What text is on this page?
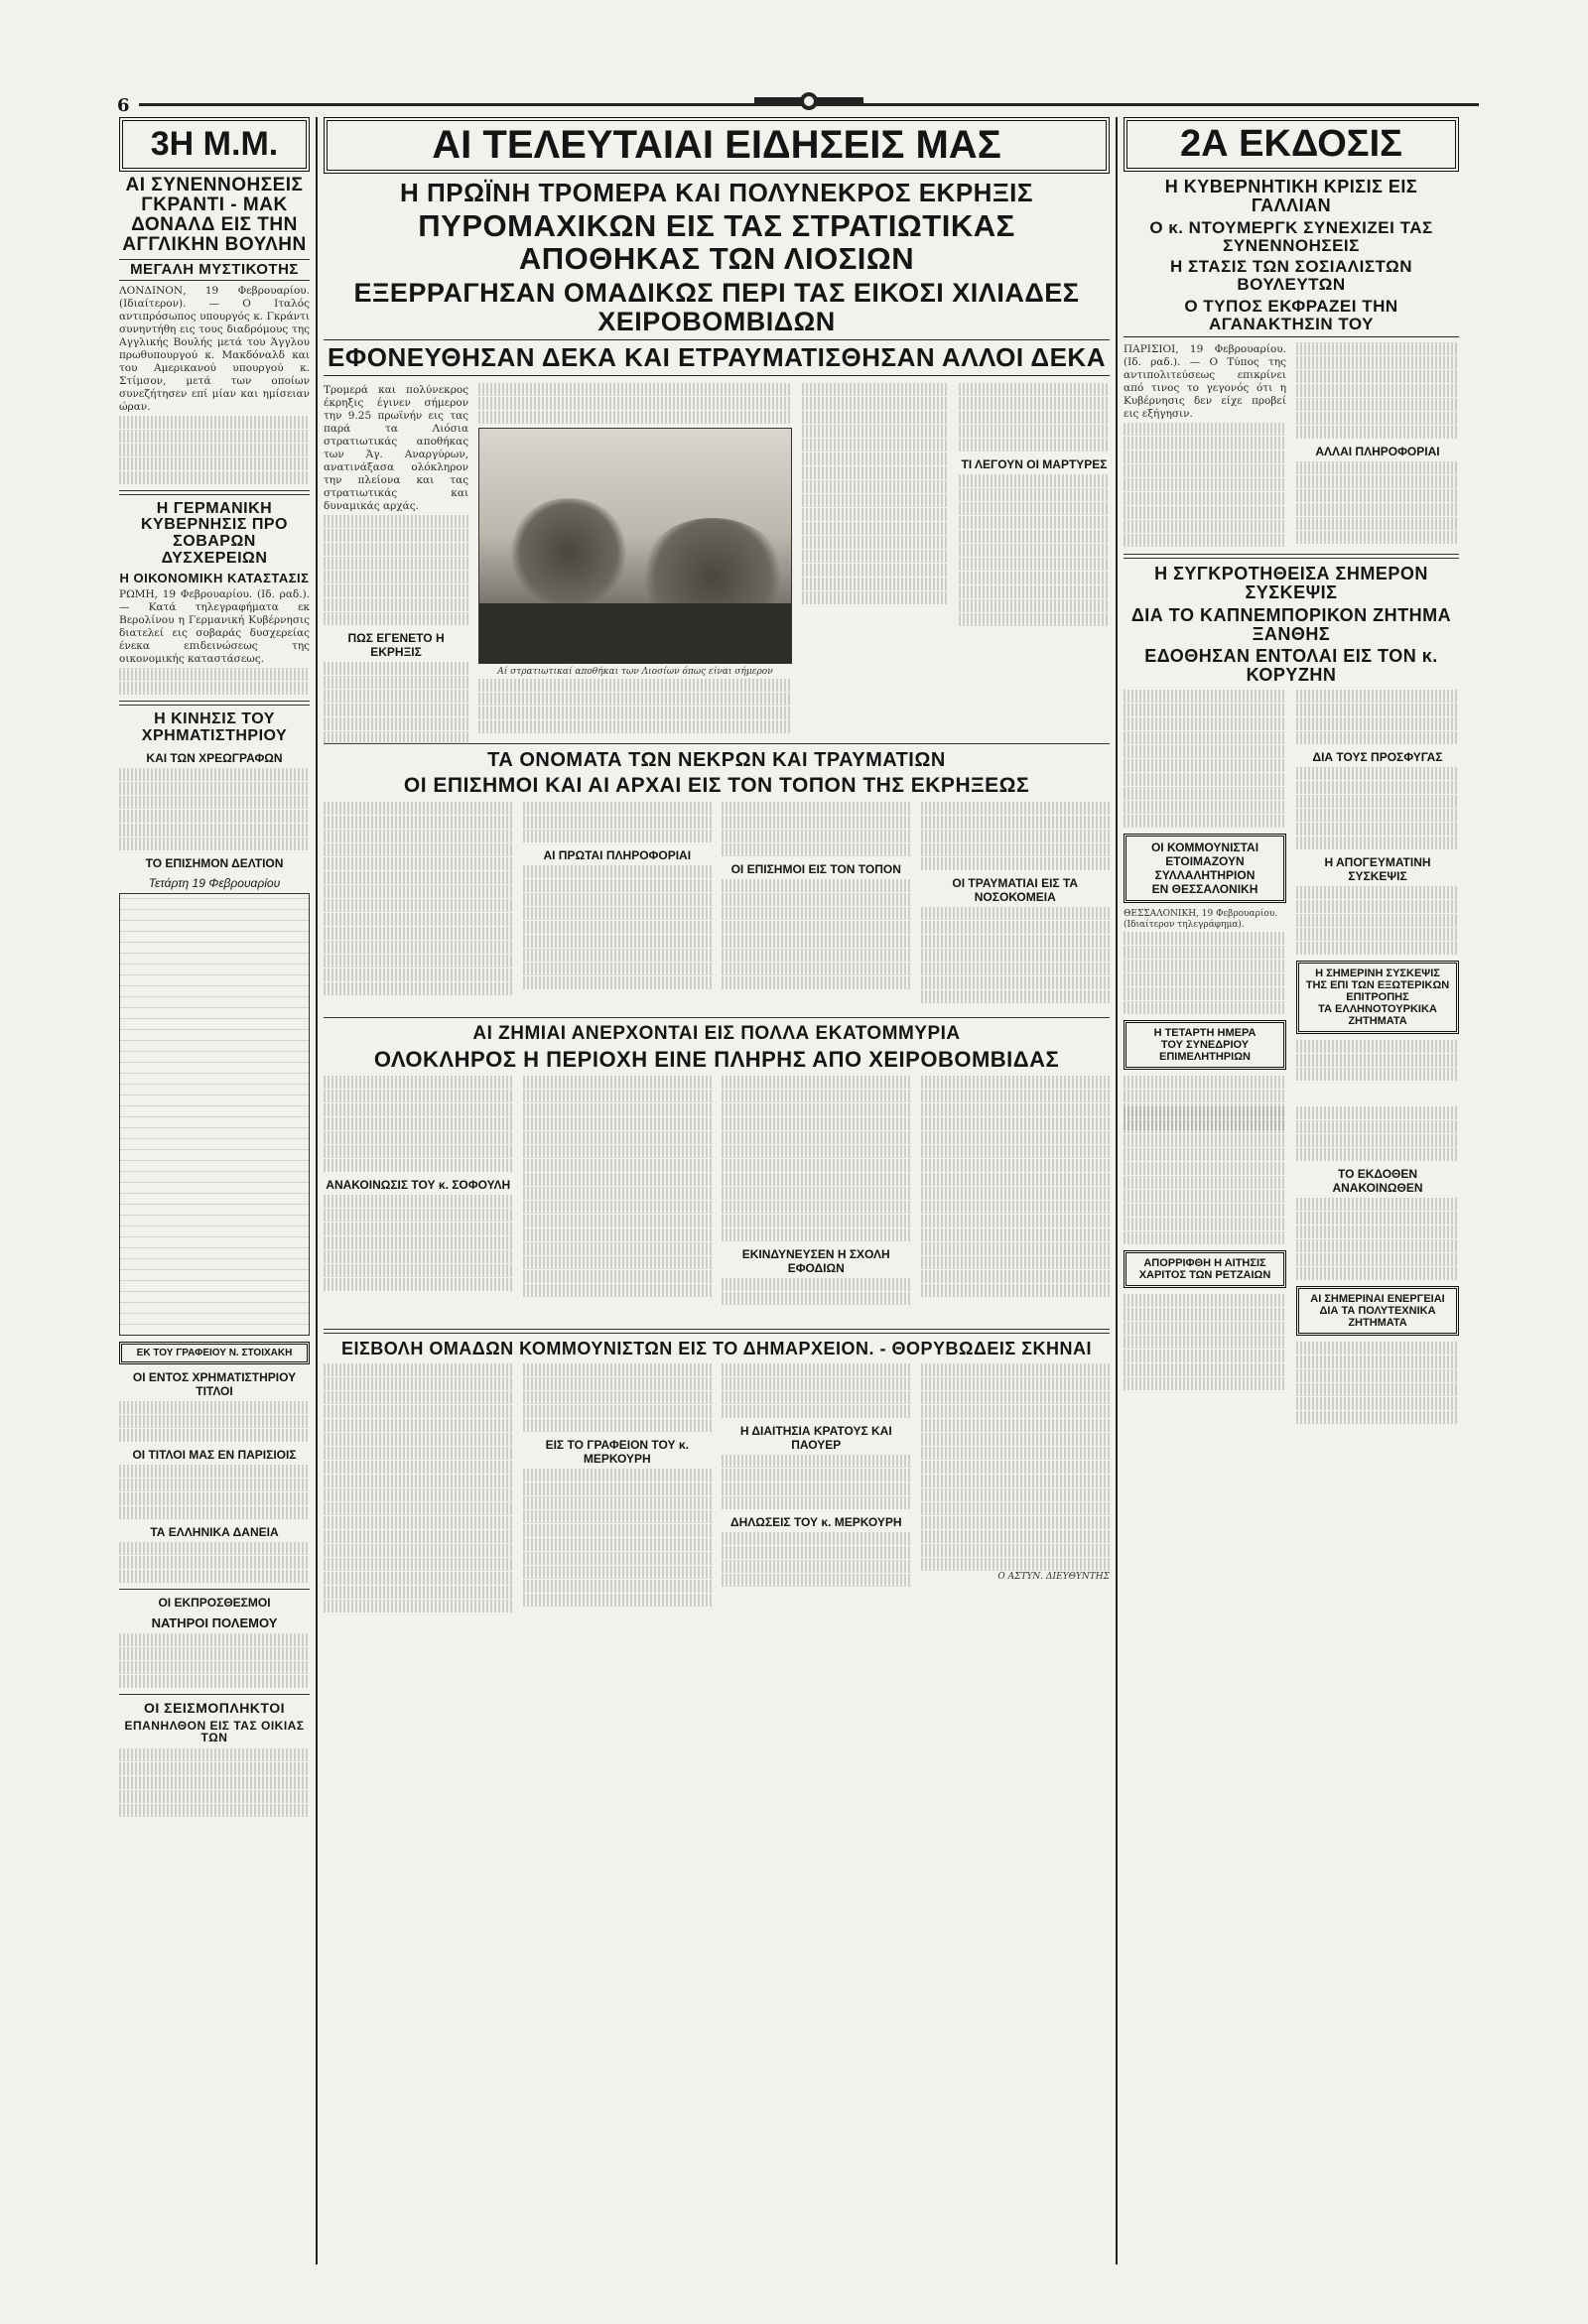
6
3Η Μ.Μ.
ΑΙ ΣΥΝΕΝΝΟΗΣΕΙΣ ΓΚΡΑΝΤΙ - ΜΑΚ ΔΟΝΑΛΔ ΕΙΣ ΤΗΝ ΑΓΓΛΙΚΗΝ ΒΟΥΛΗΝ
ΜΕΓΑΛΗ ΜΥΣΤΙΚΟΤΗΣ
ΛΟΝΔΙΝΟΝ, 19 Φεβρουαρίου. (Ιδιαίτερον). — Ο Ιταλός αντιπρόσωπος υπουργός κ. Γκράντι συνηντήθη εις τους διαδρόμους της Αγγλικής Βουλής μετά του Άγγλου πρωθυπουργού κ. Μακδόναλδ και του Αμερικανού υπουργού κ. Στίμσον, μετά των οποίων συνεζήτησεν επί μίαν και ημίσειαν ώραν.
Η ΓΕΡΜΑΝΙΚΗ ΚΥΒΕΡΝΗΣΙΣ ΠΡΟ ΣΟΒΑΡΩΝ ΔΥΣΧΕΡΕΙΩΝ
Η ΟΙΚΟΝΟΜΙΚΗ ΚΑΤΑΣΤΑΣΙΣ
ΡΩΜΗ, 19 Φεβρουαρίου. (Ιδ. ραδ.). — Κατά τηλεγραφήματα εκ Βερολίνου η Γερμανική Κυβέρνησις διατελεί εις σοβαράς δυσχερείας ένεκα επιδεινώσεως της οικονομικής καταστάσεως.
Η ΚΙΝΗΣΙΣ ΤΟΥ ΧΡΗΜΑΤΙΣΤΗΡΙΟΥ
ΚΑΙ ΤΩΝ ΧΡΕΩΓΡΑΦΩΝ
ΤΟ ΕΠΙΣΗΜΟΝ ΔΕΛΤΙΟΝ
Τετάρτη 19 Φεβρουαρίου
ΕΚ ΤΟΥ ΓΡΑΦΕΙΟΥ Ν. ΣΤΟΙΧΑΚΗ
ΟΙ ΕΝΤΟΣ ΧΡΗΜΑΤΙΣΤΗΡΙΟΥ ΤΙΤΛΟΙ
ΟΙ ΤΙΤΛΟΙ ΜΑΣ ΕΝ ΠΑΡΙΣΙΟΙΣ
ΤΑ ΕΛΛΗΝΙΚΑ ΔΑΝΕΙΑ
ΟΙ ΕΚΠΡΟΣΘΕΣΜΟΙ
ΝΑΤΗΡΟΙ ΠΟΛΕΜΟΥ
ΟΙ ΣΕΙΣΜΟΠΛΗΚΤΟΙ
ΕΠΑΝΗΛΘΟΝ ΕΙΣ ΤΑΣ ΟΙΚΙΑΣ ΤΩΝ
ΑΙ ΤΕΛΕΥΤΑΙΑΙ ΕΙΔΗΣΕΙΣ ΜΑΣ
Η ΠΡΩΪΝΗ ΤΡΟΜΕΡΑ ΚΑΙ ΠΟΛΥΝΕΚΡΟΣ ΕΚΡΗΞΙΣ
ΠΥΡΟΜΑΧΙΚΩΝ ΕΙΣ ΤΑΣ ΣΤΡΑΤΙΩΤΙΚΑΣ ΑΠΟΘΗΚΑΣ ΤΩΝ ΛΙΟΣΙΩΝ
ΕΞΕΡΡΑΓΗΣΑΝ ΟΜΑΔΙΚΩΣ ΠΕΡΙ ΤΑΣ ΕΙΚΟΣΙ ΧΙΛΙΑΔΕΣ ΧΕΙΡΟΒΟΜΒΙΔΩΝ
ΕΦΟΝΕΥΘΗΣΑΝ ΔΕΚΑ ΚΑΙ ΕΤΡΑΥΜΑΤΙΣΘΗΣΑΝ ΑΛΛΟΙ ΔΕΚΑ
Τρομερά και πολύνεκρος έκρηξις έγινεν σήμερον την 9.25 πρωϊνήν εις τας παρά τα Λιόσια στρατιωτικάς αποθήκας των Άγ. Αναργύρων, ανατινάξασα ολόκληρον την πλείονα και τας στρατιωτικάς και δυναμικάς αρχάς.
ΠΩΣ ΕΓΕΝΕΤΟ Η ΕΚΡΗΞΙΣ
Αί στρατιωτικαί αποθήκαι των Λιοσίων όπως είναι σήμερον
ΤΙ ΛΕΓΟΥΝ ΟΙ ΜΑΡΤΥΡΕΣ
ΤΑ ΟΝΟΜΑΤΑ ΤΩΝ ΝΕΚΡΩΝ ΚΑΙ ΤΡΑΥΜΑΤΙΩΝ
ΟΙ ΕΠΙΣΗΜΟΙ ΚΑΙ ΑΙ ΑΡΧΑΙ ΕΙΣ ΤΟΝ ΤΟΠΟΝ ΤΗΣ ΕΚΡΗΞΕΩΣ
ΑΙ ΠΡΩΤΑΙ ΠΛΗΡΟΦΟΡΙΑΙ
ΟΙ ΕΠΙΣΗΜΟΙ ΕΙΣ ΤΟΝ ΤΟΠΟΝ
ΟΙ ΤΡΑΥΜΑΤΙΑΙ ΕΙΣ ΤΑ ΝΟΣΟΚΟΜΕΙΑ
ΑΙ ΖΗΜΙΑΙ ΑΝΕΡΧΟΝΤΑΙ ΕΙΣ ΠΟΛΛΑ ΕΚΑΤΟΜΜΥΡΙΑ
ΟΛΟΚΛΗΡΟΣ Η ΠΕΡΙΟΧΗ ΕΙΝΕ ΠΛΗΡΗΣ ΑΠΟ ΧΕΙΡΟΒΟΜΒΙΔΑΣ
ΑΝΑΚΟΙΝΩΣΙΣ ΤΟΥ κ. ΣΟΦΟΥΛΗ
ΕΚΙΝΔΥΝΕΥΣΕΝ Η ΣΧΟΛΗ ΕΦΟΔΙΩΝ
ΕΙΣΒΟΛΗ ΟΜΑΔΩΝ ΚΟΜΜΟΥΝΙΣΤΩΝ ΕΙΣ ΤΟ ΔΗΜΑΡΧΕΙΟΝ. - ΘΟΡΥΒΩΔΕΙΣ ΣΚΗΝΑΙ
ΕΙΣ ΤΟ ΓΡΑΦΕΙΟΝ ΤΟΥ κ. ΜΕΡΚΟΥΡΗ
Η ΔΙΑΙΤΗΣΙΑ ΚΡΑΤΟΥΣ ΚΑΙ ΠΑΟΥΕΡ
ΔΗΛΩΣΕΙΣ ΤΟΥ κ. ΜΕΡΚΟΥΡΗ
Ο ΑΣΤΥΝ. ΔΙΕΥΘΥΝΤΗΣ
2Α ΕΚΔΟΣΙΣ
Η ΚΥΒΕΡΝΗΤΙΚΗ ΚΡΙΣΙΣ ΕΙΣ ΓΑΛΛΙΑΝ
Ο κ. ΝΤΟΥΜΕΡΓΚ ΣΥΝΕΧΙΖΕΙ ΤΑΣ ΣΥΝΕΝΝΟΗΣΕΙΣ
Η ΣΤΑΣΙΣ ΤΩΝ ΣΟΣΙΑΛΙΣΤΩΝ ΒΟΥΛΕΥΤΩΝ
Ο ΤΥΠΟΣ ΕΚΦΡΑΖΕΙ ΤΗΝ ΑΓΑΝΑΚΤΗΣΙΝ ΤΟΥ
ΠΑΡΙΣΙΟΙ, 19 Φεβρουαρίου. (Ιδ. ραδ.). — Ο Τύπος της αντιπολιτεύσεως επικρίνει από τινος το γεγονός ότι η Κυβέρνησις δεν είχε προβεί εις εξήγησιν.
ΑΛΛΑΙ ΠΛΗΡΟΦΟΡΙΑΙ
Η ΣΥΓΚΡΟΤΗΘΕΙΣΑ ΣΗΜΕΡΟΝ ΣΥΣΚΕΨΙΣ
ΔΙΑ ΤΟ ΚΑΠΝΕΜΠΟΡΙΚΟΝ ΖΗΤΗΜΑ ΞΑΝΘΗΣ
ΕΔΟΘΗΣΑΝ ΕΝΤΟΛΑΙ ΕΙΣ ΤΟΝ κ. ΚΟΡΥΖΗΝ
ΟΙ ΚΟΜΜΟΥΝΙΣΤΑΙ
ΕΤΟΙΜΑΖΟΥΝ ΣΥΛΛΑΛΗΤΗΡΙΟΝ
ΕΝ ΘΕΣΣΑΛΟΝΙΚΗ
ΘΕΣΣΑΛΟΝΙΚΗ, 19 Φεβρουαρίου. (Ιδιαίτερον τηλεγράφημα).
Η ΤΕΤΑΡΤΗ ΗΜΕΡΑ
ΤΟΥ ΣΥΝΕΔΡΙΟΥ ΕΠΙΜΕΛΗΤΗΡΙΩΝ
ΔΙΑ ΤΟΥΣ ΠΡΟΣΦΥΓΑΣ
Η ΑΠΟΓΕΥΜΑΤΙΝΗ ΣΥΣΚΕΨΙΣ
Η ΣΗΜΕΡΙΝΗ ΣΥΣΚΕΨΙΣ
ΤΗΣ ΕΠΙ ΤΩΝ ΕΞΩΤΕΡΙΚΩΝ ΕΠΙΤΡΟΠΗΣ
ΤΑ ΕΛΛΗΝΟΤΟΥΡΚΙΚΑ ΖΗΤΗΜΑΤΑ
ΑΠΟΡΡΙΦΘΗ Η ΑΙΤΗΣΙΣ
ΧΑΡΙΤΟΣ ΤΩΝ ΡΕΤΖΑΙΩΝ
ΤΟ ΕΚΔΟΘΕΝ ΑΝΑΚΟΙΝΩΘΕΝ
ΑΙ ΣΗΜΕΡΙΝΑΙ ΕΝΕΡΓΕΙΑΙ
ΔΙΑ ΤΑ ΠΟΛΥΤΕΧΝΙΚΑ ΖΗΤΗΜΑΤΑ
